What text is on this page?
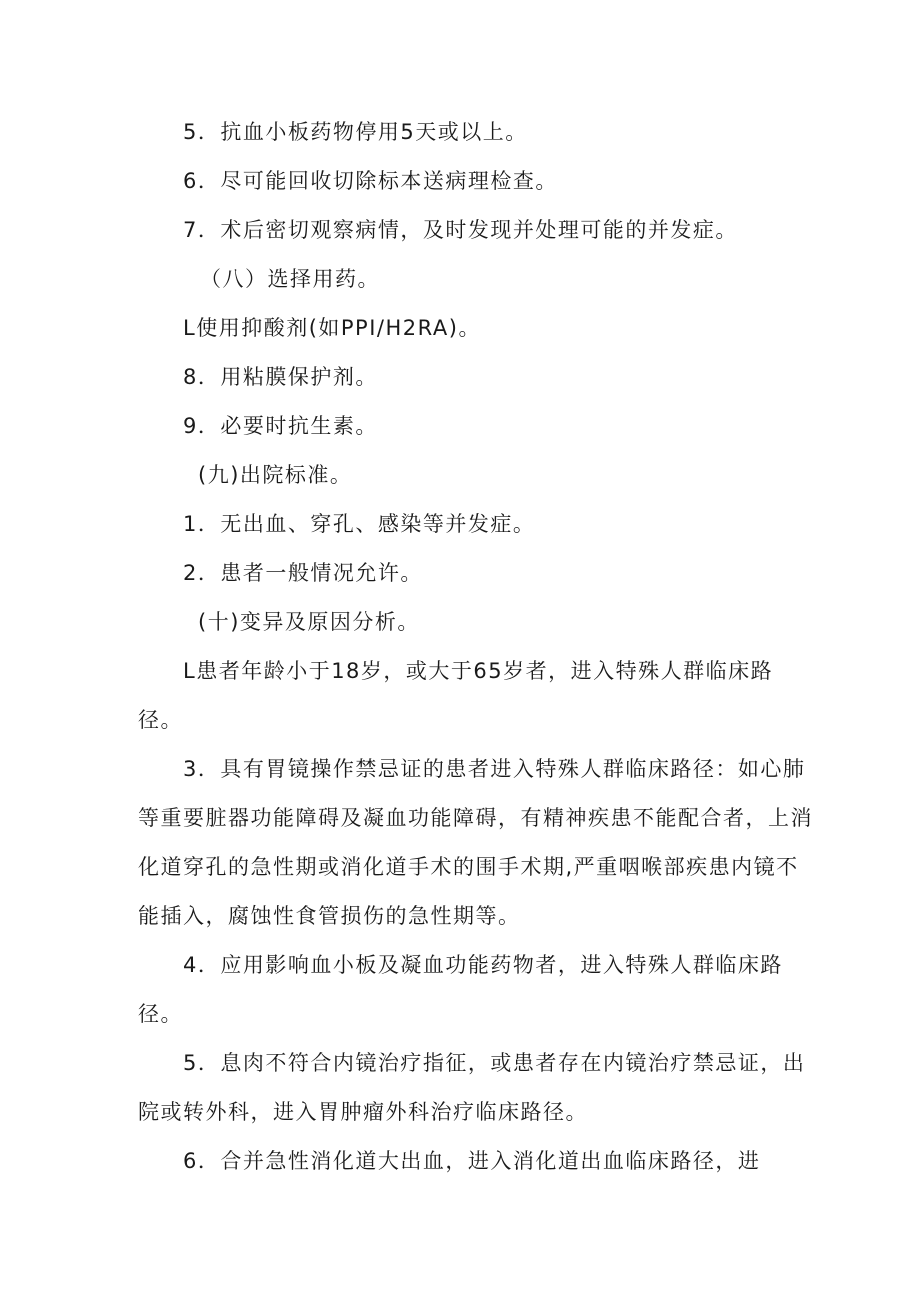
5．抗血小板药物停用5天或以上。
6．尽可能回收切除标本送病理检查。
7．术后密切观察病情，及时发现并处理可能的并发症。
（八）选择用药。
L使用抑酸剂(如PPI/H2RA)。
8．用粘膜保护剂。
9．必要时抗生素。
(九)出院标准。
1．无出血、穿孔、感染等并发症。
2．患者一般情况允许。
(十)变异及原因分析。
L患者年龄小于18岁，或大于65岁者，进入特殊人群临床路
径。
3．具有胃镜操作禁忌证的患者进入特殊人群临床路径：如心肺
等重要脏器功能障碍及凝血功能障碍，有精神疾患不能配合者，上消
化道穿孔的急性期或消化道手术的围手术期,严重咽喉部疾患内镜不
能插入，腐蚀性食管损伤的急性期等。
4．应用影响血小板及凝血功能药物者，进入特殊人群临床路
径。
5．息肉不符合内镜治疗指征，或患者存在内镜治疗禁忌证，出
院或转外科，进入胃肿瘤外科治疗临床路径。
6．合并急性消化道大出血，进入消化道出血临床路径，进
